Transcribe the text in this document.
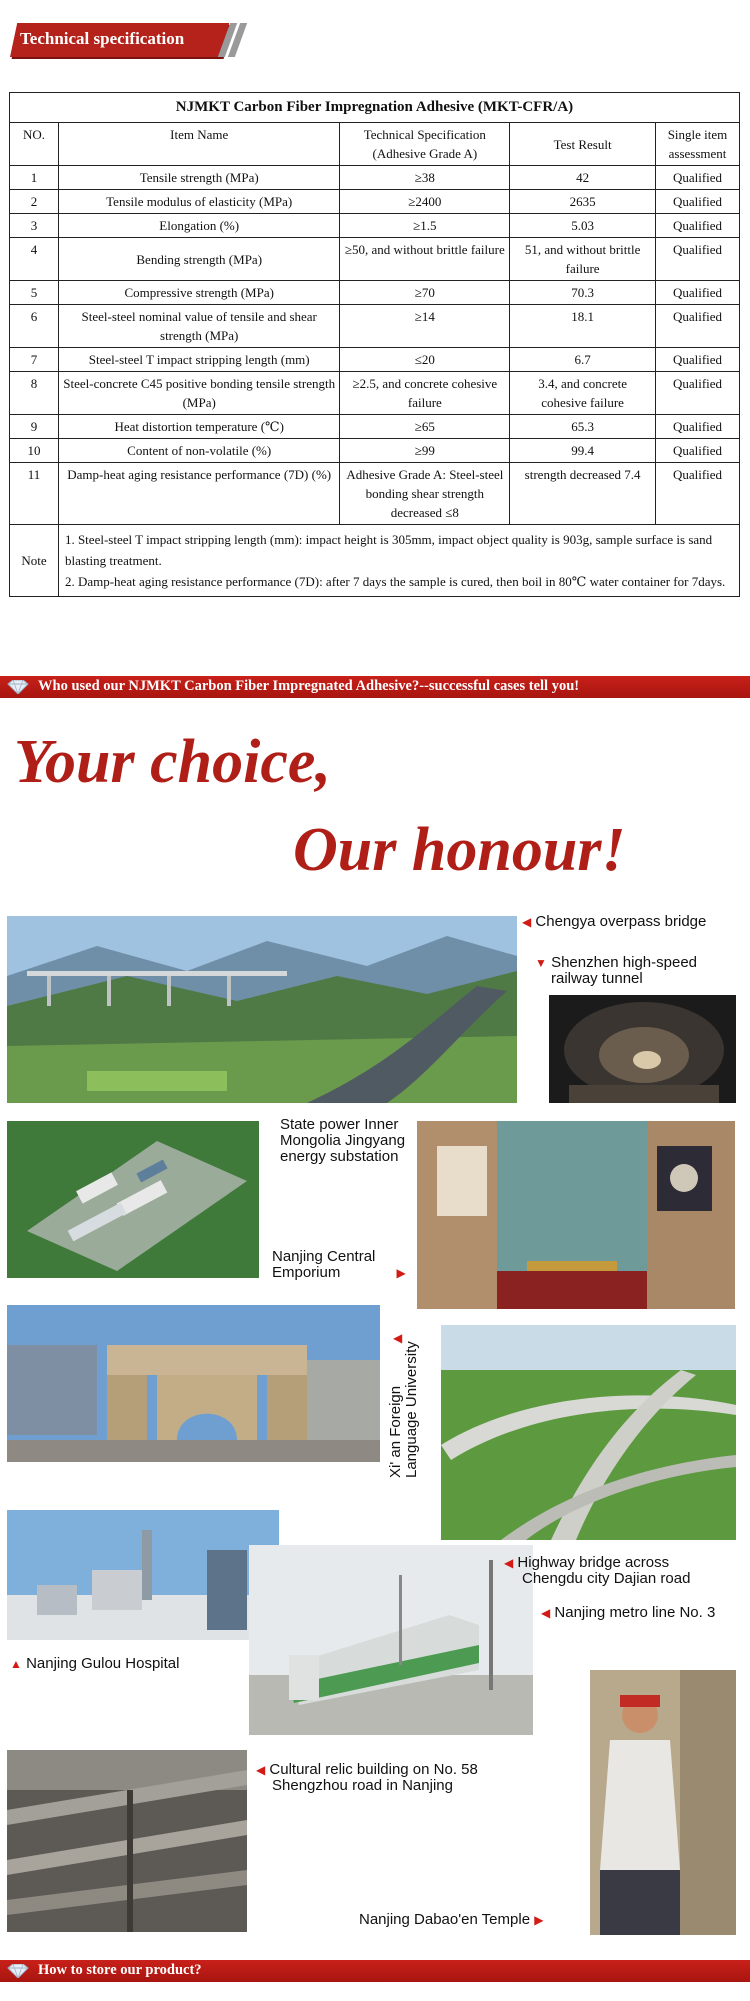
Technical specification
NJMKT Carbon Fiber Impregnation Adhesive (MKT-CFR/A)				
NO.	Item Name	Technical Specification (Adhesive Grade A)	Test Result	Single item assessment
1	Tensile strength (MPa)	≥38	42	Qualified
2	Tensile modulus of elasticity (MPa)	≥2400	2635	Qualified
3	Elongation (%)	≥1.5	5.03	Qualified
4	Bending strength (MPa)	≥50, and without brittle failure	51, and without brittle failure	Qualified
5	Compressive strength (MPa)	≥70	70.3	Qualified
6	Steel-steel nominal value of tensile and shear strength (MPa)	≥14	18.1	Qualified
7	Steel-steel T impact stripping length (mm)	≤20	6.7	Qualified
8	Steel-concrete C45 positive bonding tensile strength (MPa)	≥2.5, and concrete cohesive failure	3.4, and concrete cohesive failure	Qualified
9	Heat distortion temperature (℃)	≥65	65.3	Qualified
10	Content of non-volatile (%)	≥99	99.4	Qualified
11	Damp-heat aging resistance performance (7D) (%)	Adhesive Grade A: Steel-steel bonding shear strength decreased ≤8	strength decreased 7.4	Qualified
Note	1. Steel-steel T impact stripping length (mm): impact height is 305mm, impact object quality is 903g, sample surface is sand blasting treatment.
2. Damp-heat aging resistance performance (7D): after 7 days the sample is cured, then boil in 80℃ water container for 7days.			
Who used our NJMKT Carbon Fiber Impregnated Adhesive?--successful cases tell you!
Your choice,
Our honour!
◀ Chengya overpass bridge
▼ Shenzhen high-speed
railway tunnel
State power Inner
Mongolia Jingyang
energy substation
Nanjing Central
Emporium	▶
◀
Xi' an Foreign Language University
▲ Nanjing Gulou Hospital
◀ Highway bridge across
Chengdu city Dajian road
◀ Nanjing metro line No. 3
◀ Cultural relic building on No. 58
Shengzhou road in Nanjing
Nanjing Dabao'en Temple ▶
How to store our product?
